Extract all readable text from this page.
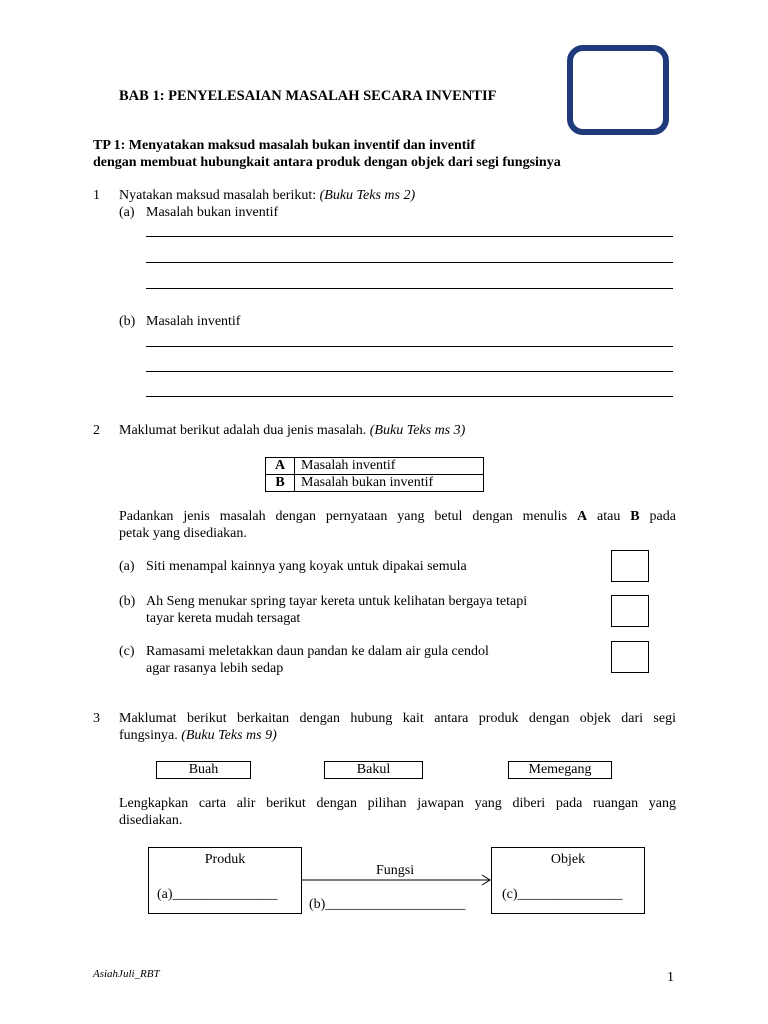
BAB 1: PENYELESAIAN MASALAH SECARA INVENTIF
TP 1: Menyatakan maksud masalah bukan inventif dan inventif
dengan membuat hubungkait antara produk dengan objek dari segi fungsinya
1 Nyatakan maksud masalah berikut: (Buku Teks ms 2)
(a) Masalah bukan inventif
(b) Masalah inventif
2 Maklumat berikut adalah dua jenis masalah. (Buku Teks ms 3)
A	Masalah inventif
B	Masalah bukan inventif
Padankan jenis masalah dengan pernyataan yang betul dengan menulis A atau B pada
petak yang disediakan.
(a) Siti menampal kainnya yang koyak untuk dipakai semula
(b) Ah Seng menukar spring tayar kereta untuk kelihatan bergaya tetapi
tayar kereta mudah tersagat
(c) Ramasami meletakkan daun pandan ke dalam air gula cendol
agar rasanya lebih sedap
3 Maklumat berikut berkaitan dengan hubung kait antara produk dengan objek dari segi
fungsinya. (Buku Teks ms 9)
Buah	Bakul	Memegang
Lengkapkan carta alir berikut dengan pilihan jawapan yang diberi pada ruangan yang
disediakan.
Produk
(a)_______________
Fungsi
(b)____________________
Objek
(c)_______________
AsiahJuli_RBT	1
